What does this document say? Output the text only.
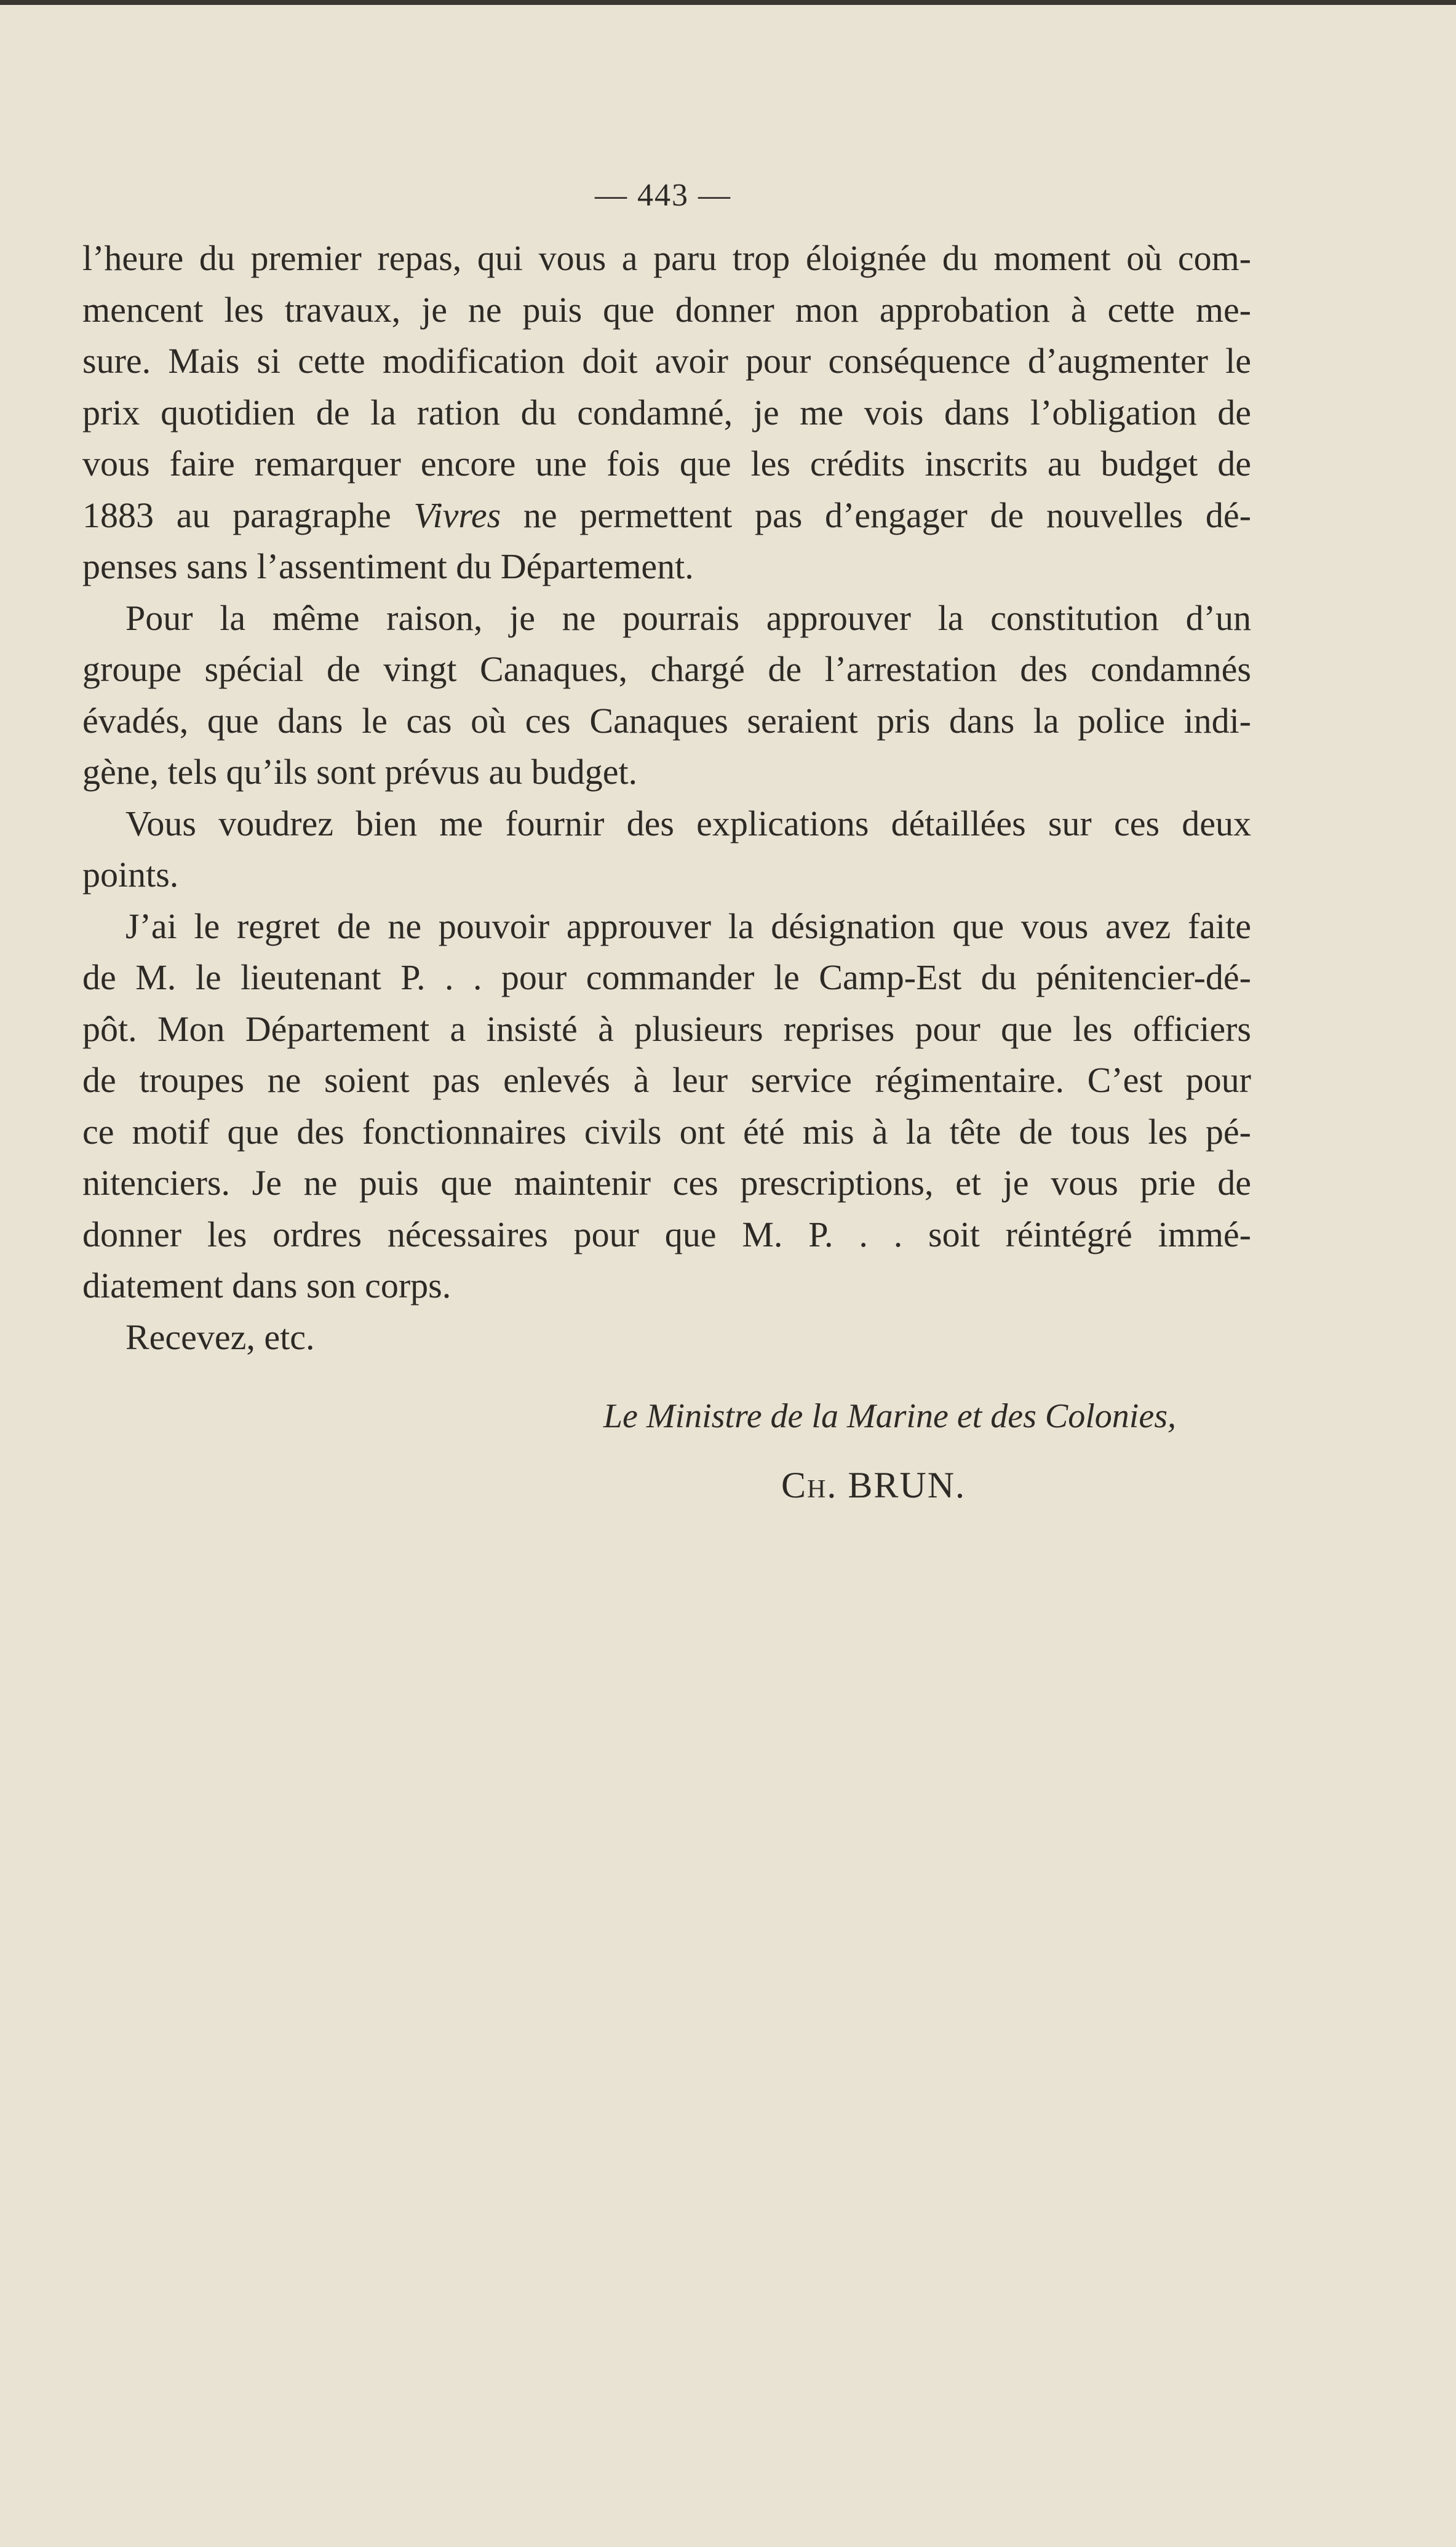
— 443 —

l’heure du premier repas, qui vous a paru trop éloignée du moment où com-
mencent les travaux, je ne puis que donner mon approbation à cette me-
sure. Mais si cette modification doit avoir pour conséquence d’augmenter le
prix quotidien de la ration du condamné, je me vois dans l’obligation de
vous faire remarquer encore une fois que les crédits inscrits au budget de
1883 au paragraphe Vivres ne permettent pas d’engager de nouvelles dé-
penses sans l’assentiment du Département.

Pour la même raison, je ne pourrais approuver la constitution d’un
groupe spécial de vingt Canaques, chargé de l’arrestation des condamnés
évadés, que dans le cas où ces Canaques seraient pris dans la police indi-
gène, tels qu’ils sont prévus au budget.

Vous voudrez bien me fournir des explications détaillées sur ces deux
points.

J’ai le regret de ne pouvoir approuver la désignation que vous avez faite
de M. le lieutenant P. . . pour commander le Camp-Est du pénitencier-dé-
pôt. Mon Département a insisté à plusieurs reprises pour que les officiers
de troupes ne soient pas enlevés à leur service régimentaire. C’est pour
ce motif que des fonctionnaires civils ont été mis à la tête de tous les pé-
nitenciers. Je ne puis que maintenir ces prescriptions, et je vous prie de
donner les ordres nécessaires pour que M. P. . . soit réintégré immé-
diatement dans son corps.

Recevez, etc.

Le Ministre de la Marine et des Colonies,
Ch. BRUN.
